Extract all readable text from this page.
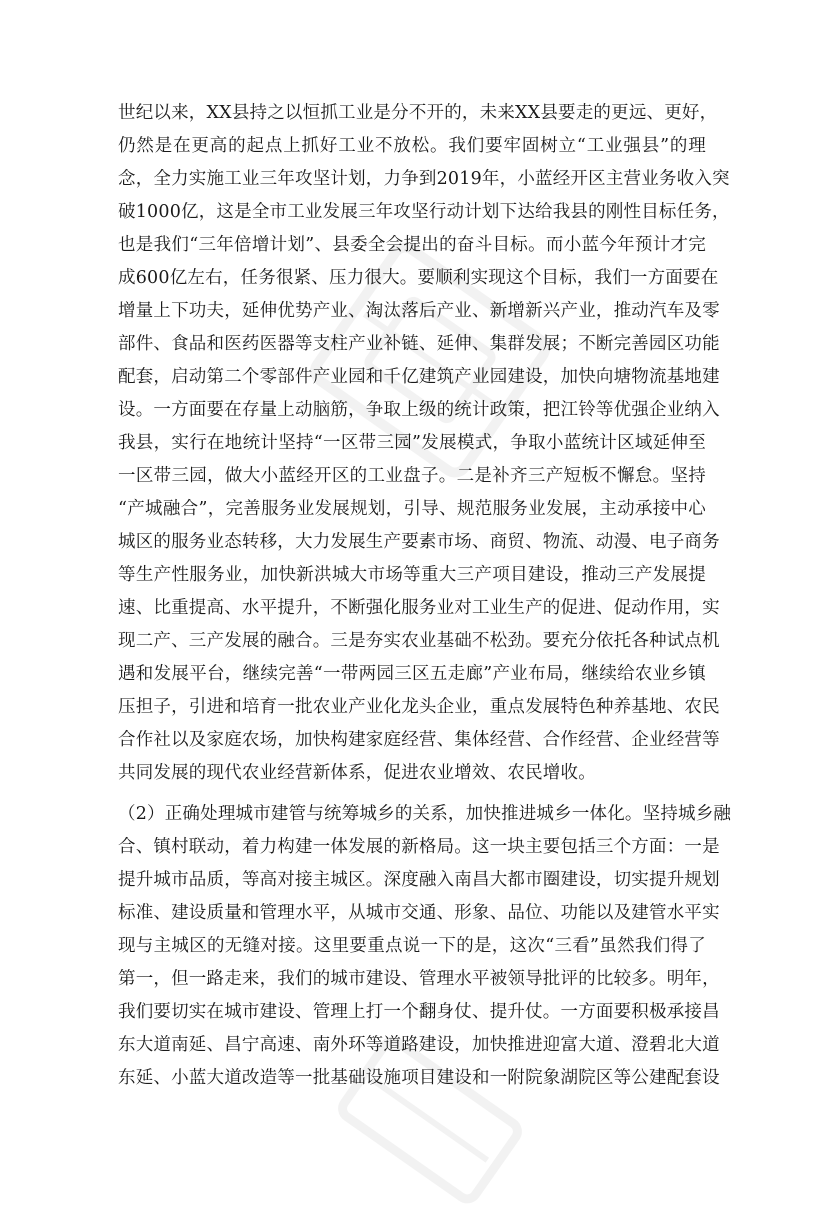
世纪以来，XX县持之以恒抓工业是分不开的，未来XX县要走的更远、更好，
仍然是在更高的起点上抓好工业不放松。我们要牢固树立“工业强县”的理
念，全力实施工业三年攻坚计划，力争到2019年，小蓝经开区主营业务收入突
破1000亿，这是全市工业发展三年攻坚行动计划下达给我县的刚性目标任务，
也是我们“三年倍增计划”、县委全会提出的奋斗目标。而小蓝今年预计才完
成600亿左右，任务很紧、压力很大。要顺利实现这个目标，我们一方面要在
增量上下功夫，延伸优势产业、淘汰落后产业、新增新兴产业，推动汽车及零
部件、食品和医药医器等支柱产业补链、延伸、集群发展；不断完善园区功能
配套，启动第二个零部件产业园和千亿建筑产业园建设，加快向塘物流基地建
设。一方面要在存量上动脑筋，争取上级的统计政策，把江铃等优强企业纳入
我县，实行在地统计坚持“一区带三园”发展模式，争取小蓝统计区域延伸至
一区带三园，做大小蓝经开区的工业盘子。二是补齐三产短板不懈怠。坚持
“产城融合”，完善服务业发展规划，引导、规范服务业发展，主动承接中心
城区的服务业态转移，大力发展生产要素市场、商贸、物流、动漫、电子商务
等生产性服务业，加快新洪城大市场等重大三产项目建设，推动三产发展提
速、比重提高、水平提升，不断强化服务业对工业生产的促进、促动作用，实
现二产、三产发展的融合。三是夯实农业基础不松劲。要充分依托各种试点机
遇和发展平台，继续完善“一带两园三区五走廊”产业布局，继续给农业乡镇
压担子，引进和培育一批农业产业化龙头企业，重点发展特色种养基地、农民
合作社以及家庭农场，加快构建家庭经营、集体经营、合作经营、企业经营等
共同发展的现代农业经营新体系，促进农业增效、农民增收。
（2）正确处理城市建管与统筹城乡的关系，加快推进城乡一体化。坚持城乡融
合、镇村联动，着力构建一体发展的新格局。这一块主要包括三个方面：一是
提升城市品质，等高对接主城区。深度融入南昌大都市圈建设，切实提升规划
标准、建设质量和管理水平，从城市交通、形象、品位、功能以及建管水平实
现与主城区的无缝对接。这里要重点说一下的是，这次“三看”虽然我们得了
第一，但一路走来，我们的城市建设、管理水平被领导批评的比较多。明年，
我们要切实在城市建设、管理上打一个翻身仗、提升仗。一方面要积极承接昌
东大道南延、昌宁高速、南外环等道路建设，加快推进迎富大道、澄碧北大道
东延、小蓝大道改造等一批基础设施项目建设和一附院象湖院区等公建配套设
